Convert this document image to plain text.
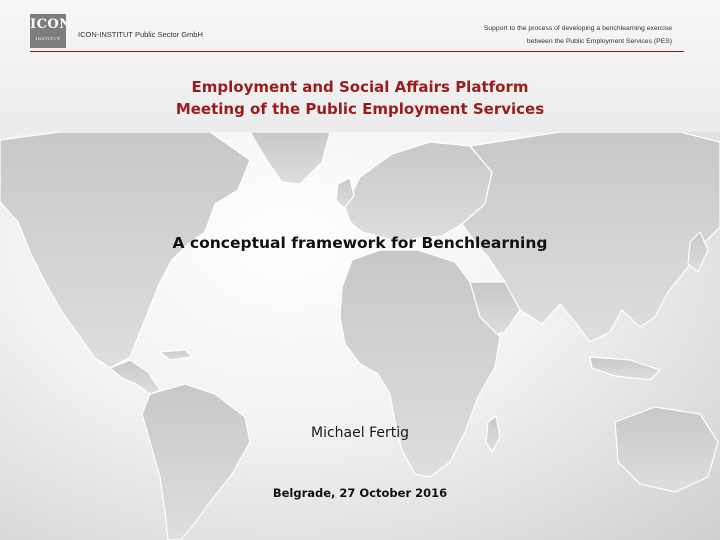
ICON
INSTITUT	ICON-INSTITUT Public Sector GmbH
Support to the process of developing a benchlearning exercise
between the Public Employment Services (PES)
Employment and Social Affairs Platform
Meeting of the Public Employment Services
A conceptual framework for Benchlearning
Michael Fertig
Belgrade, 27 October 2016
